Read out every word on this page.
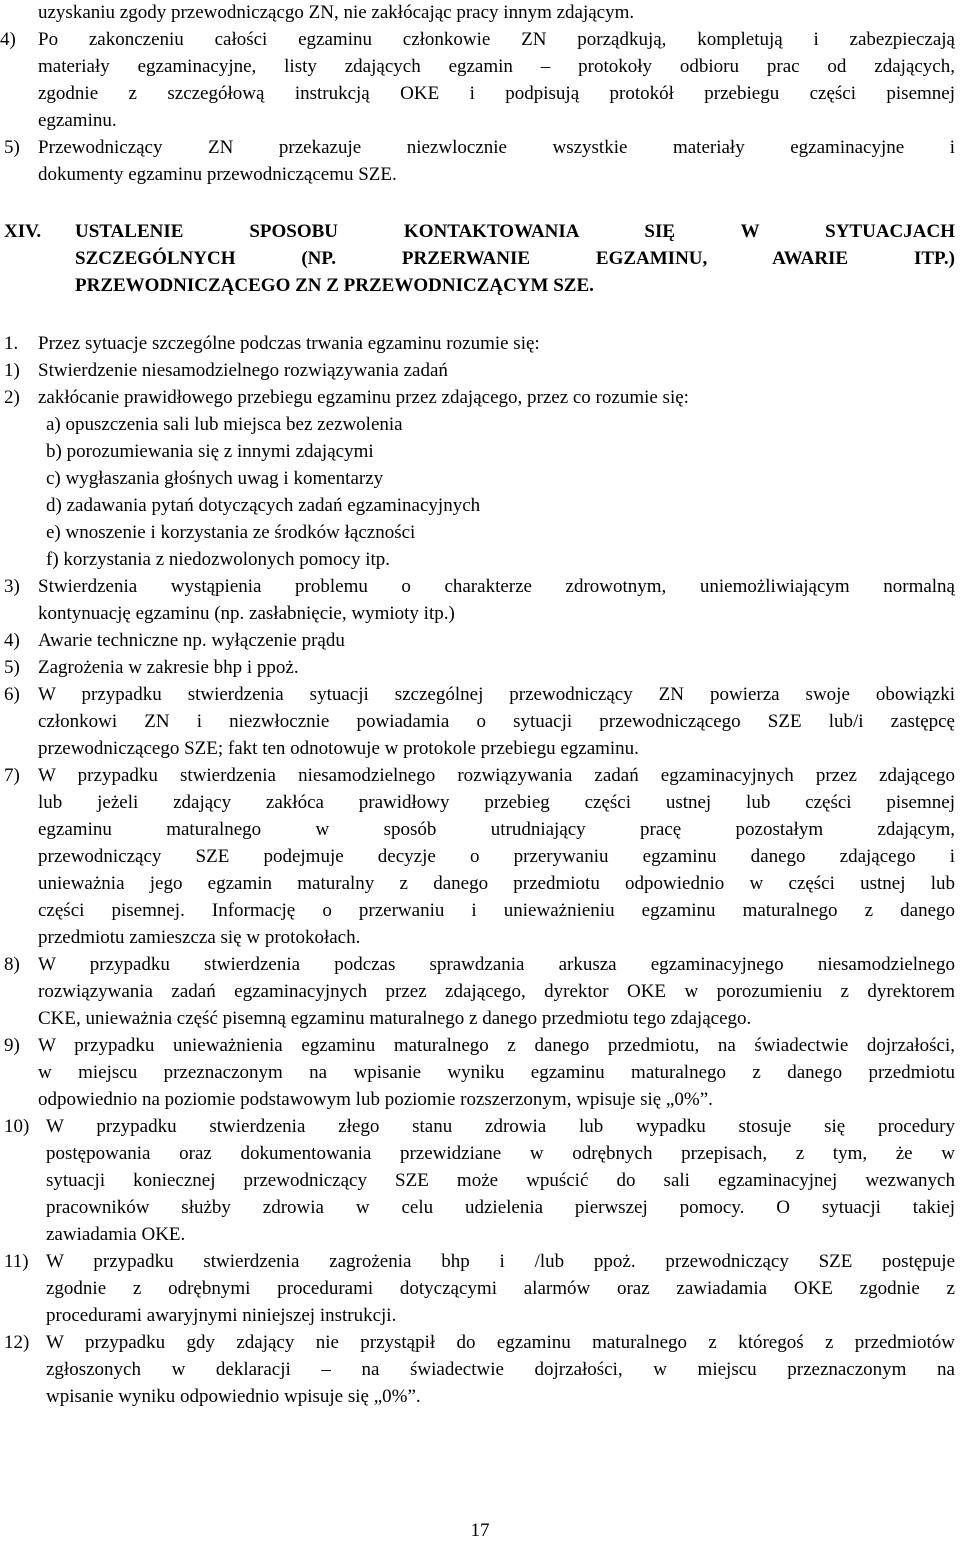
uzyskaniu zgody przewodniczącgo ZN, nie zakłócając pracy innym zdającym.
4) Po zakonczeniu całości egzaminu członkowie ZN porządkują, kompletują i zabezpieczają
materiały egzaminacyjne, listy zdających egzamin – protokoły odbioru prac od zdających,
zgodnie z szczegółową instrukcją OKE i podpisują protokół przebiegu części pisemnej
egzaminu.
5) Przewodniczący ZN przekazuje niezwlocznie wszystkie materiały egzaminacyjne i
dokumenty egzaminu przewodniczącemu SZE.
XIV. USTALENIE SPOSOBU KONTAKTOWANIA SIĘ W SYTUACJACH
SZCZEGÓLNYCH (NP. PRZERWANIE EGZAMINU, AWARIE ITP.)
PRZEWODNICZĄCEGO ZN Z PRZEWODNICZĄCYM SZE.
1. Przez sytuacje szczególne podczas trwania egzaminu rozumie się:
1) Stwierdzenie niesamodzielnego rozwiązywania zadań
2) zakłócanie prawidłowego przebiegu egzaminu przez zdającego, przez co rozumie się:
a) opuszczenia sali lub miejsca bez zezwolenia
b) porozumiewania się z innymi zdającymi
c) wygłaszania głośnych uwag i komentarzy
d) zadawania pytań dotyczących zadań egzaminacyjnych
e) wnoszenie i korzystania ze środków łączności
f) korzystania z niedozwolonych pomocy itp.
3) Stwierdzenia wystąpienia problemu o charakterze zdrowotnym, uniemożliwiającym normalną
kontynuację egzaminu (np. zasłabnięcie, wymioty itp.)
4) Awarie techniczne np. wyłączenie prądu
5) Zagrożenia w zakresie bhp i ppoż.
6) W przypadku stwierdzenia sytuacji szczególnej przewodniczący ZN powierza swoje obowiązki
członkowi ZN i niezwłocznie powiadamia o sytuacji przewodniczącego SZE lub/i zastępcę
przewodniczącego SZE; fakt ten odnotowuje w protokole przebiegu egzaminu.
7) W przypadku stwierdzenia niesamodzielnego rozwiązywania zadań egzaminacyjnych przez zdającego
lub jeżeli zdający zakłóca prawidłowy przebieg części ustnej lub części pisemnej
egzaminu maturalnego w sposób utrudniający pracę pozostałym zdającym,
przewodniczący SZE podejmuje decyzje o przerywaniu egzaminu danego zdającego i
unieważnia jego egzamin maturalny z danego przedmiotu odpowiednio w części ustnej lub
części pisemnej. Informację o przerwaniu i unieważnieniu egzaminu maturalnego z danego
przedmiotu zamieszcza się w protokołach.
8) W przypadku stwierdzenia podczas sprawdzania arkusza egzaminacyjnego niesamodzielnego
rozwiązywania zadań egzaminacyjnych przez zdającego, dyrektor OKE w porozumieniu z dyrektorem
CKE, unieważnia część pisemną egzaminu maturalnego z danego przedmiotu tego zdającego.
9) W przypadku unieważnienia egzaminu maturalnego z danego przedmiotu, na świadectwie dojrzałości,
w miejscu przeznaczonym na wpisanie wyniku egzaminu maturalnego z danego przedmiotu
odpowiednio na poziomie podstawowym lub poziomie rozszerzonym, wpisuje się „0%”.
10) W przypadku stwierdzenia złego stanu zdrowia lub wypadku stosuje się procedury
postępowania oraz dokumentowania przewidziane w odrębnych przepisach, z tym, że w
sytuacji koniecznej przewodniczący SZE może wpuścić do sali egzaminacyjnej wezwanych
pracowników służby zdrowia w celu udzielenia pierwszej pomocy. O sytuacji takiej
zawiadamia OKE.
11) W przypadku stwierdzenia zagrożenia bhp i /lub ppoż. przewodniczący SZE postępuje
zgodnie z odrębnymi procedurami dotyczącymi alarmów oraz zawiadamia OKE zgodnie z
procedurami awaryjnymi niniejszej instrukcji.
12) W przypadku gdy zdający nie przystąpił do egzaminu maturalnego z któregoś z przedmiotów
zgłoszonych w deklaracji – na świadectwie dojrzałości, w miejscu przeznaczonym na
wpisanie wyniku odpowiednio wpisuje się „0%”.
17
